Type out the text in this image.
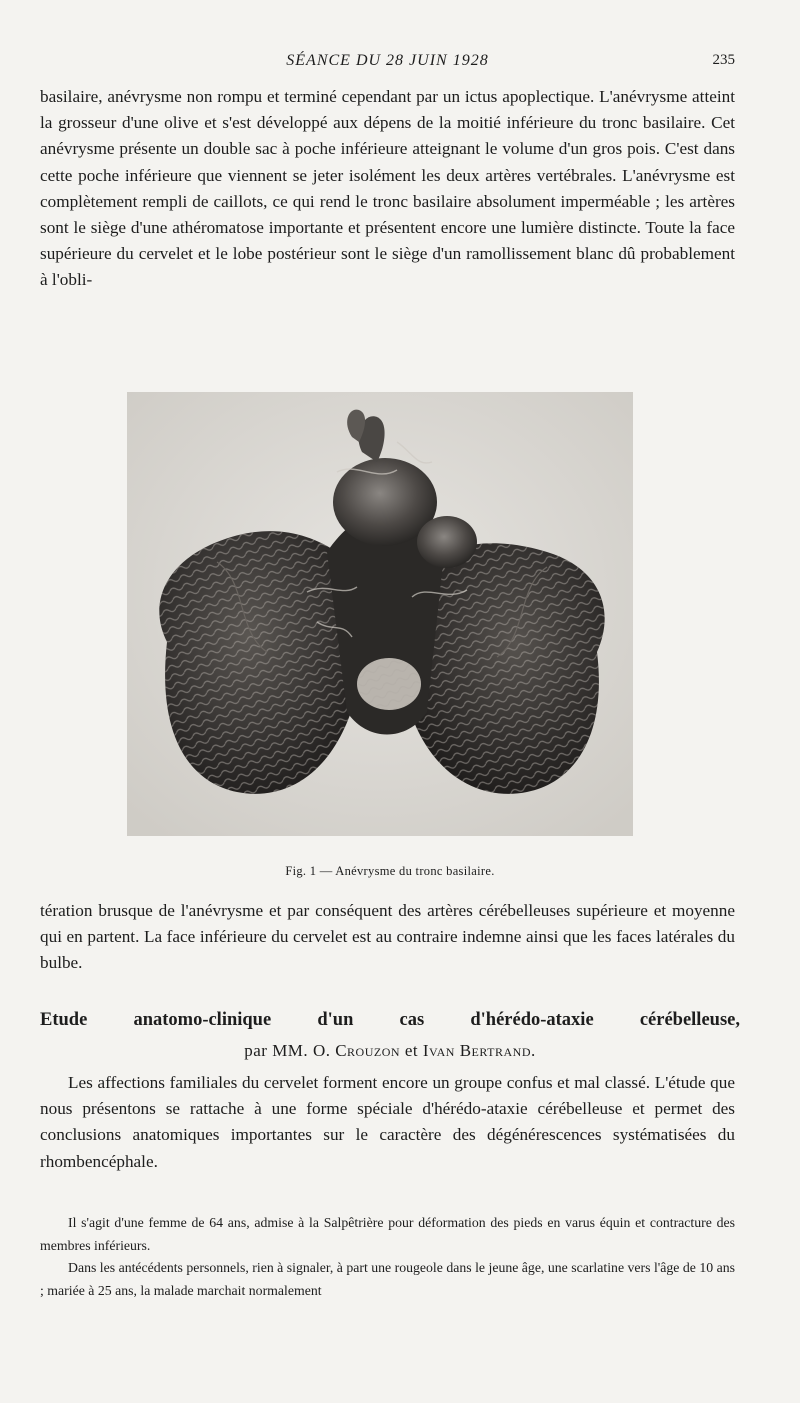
SÉANCE DU 28 JUIN 1928	235

basilaire, anévrysme non rompu et terminé cependant par un ictus apoplectique. L'anévrysme atteint la grosseur d'une olive et s'est développé aux dépens de la moitié inférieure du tronc basilaire. Cet anévrysme présente un double sac à poche inférieure atteignant le volume d'un gros pois. C'est dans cette poche inférieure que viennent se jeter isolément les deux artères vertébrales. L'anévrysme est complètement rempli de caillots, ce qui rend le tronc basilaire absolument imperméable ; les artères sont le siège d'une athéromatose importante et présentent encore une lumière distincte. Toute la face supérieure du cervelet et le lobe postérieur sont le siège d'un ramollissement blanc dû probablement à l'obli-

Fig. 1 — Anévrysme du tronc basilaire.

tération brusque de l'anévrysme et par conséquent des artères cérébelleuses supérieure et moyenne qui en partent. La face inférieure du cervelet est au contraire indemne ainsi que les faces latérales du bulbe.

Etude anatomo-clinique d'un cas d'hérédo-ataxie cérébelleuse,
par MM. O. Crouzon et Ivan Bertrand.

Les affections familiales du cervelet forment encore un groupe confus et mal classé. L'étude que nous présentons se rattache à une forme spéciale d'hérédo-ataxie cérébelleuse et permet des conclusions anatomiques importantes sur le caractère des dégénérescences systématisées du rhombencéphale.

Il s'agit d'une femme de 64 ans, admise à la Salpêtrière pour déformation des pieds en varus équin et contracture des membres inférieurs.

Dans les antécédents personnels, rien à signaler, à part une rougeole dans le jeune âge, une scarlatine vers l'âge de 10 ans ; mariée à 25 ans, la malade marchait normalement
